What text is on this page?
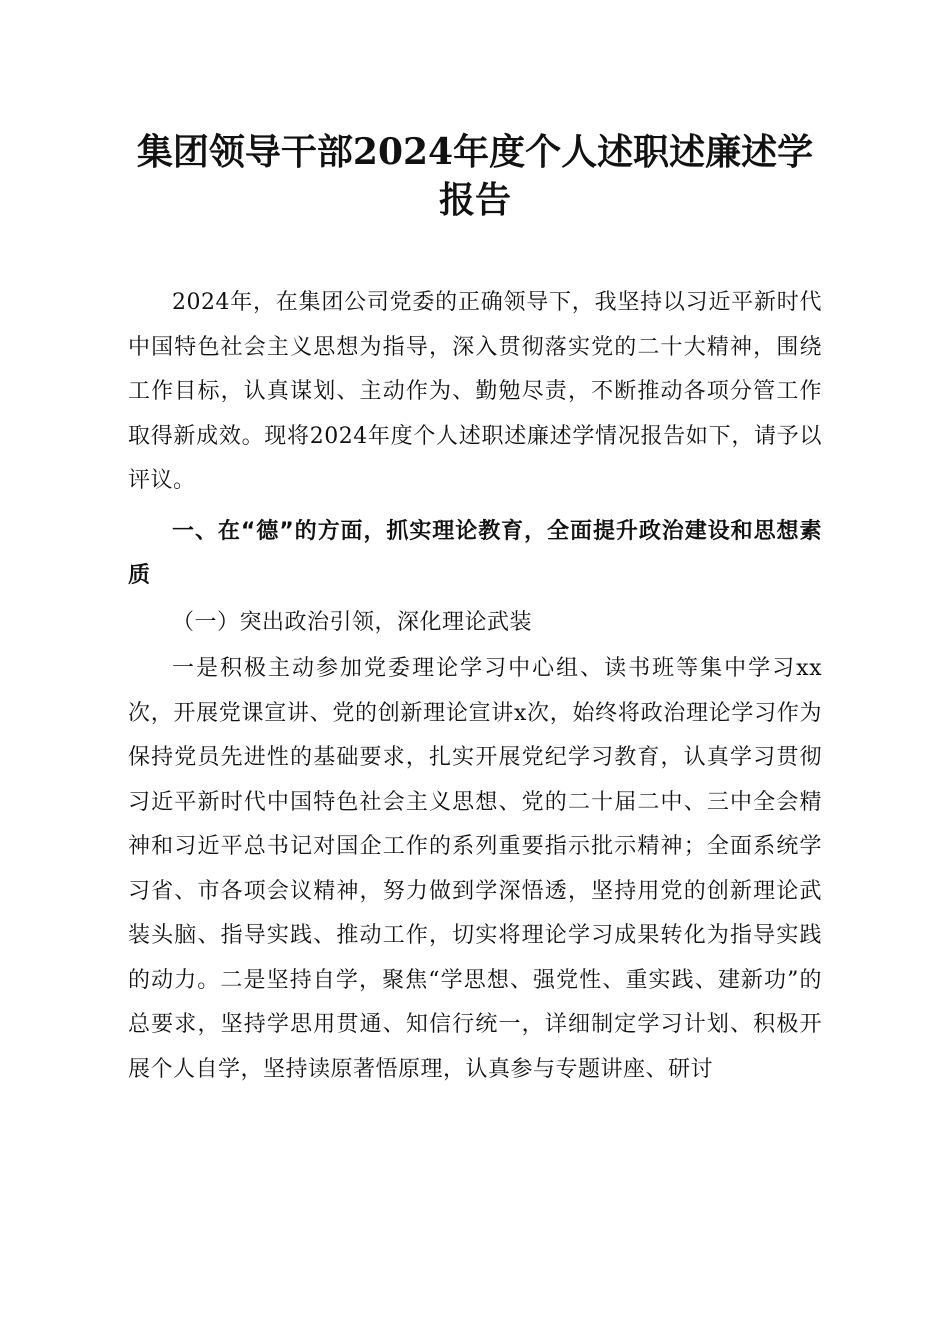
集团领导干部2024年度个人述职述廉述学报告

2024年，在集团公司党委的正确领导下，我坚持以习近平新时代中国特色社会主义思想为指导，深入贯彻落实党的二十大精神，围绕工作目标，认真谋划、主动作为、勤勉尽责，不断推动各项分管工作取得新成效。现将2024年度个人述职述廉述学情况报告如下，请予以评议。

一、在“德”的方面，抓实理论教育，全面提升政治建设和思想素质

（一）突出政治引领，深化理论武装

一是积极主动参加党委理论学习中心组、读书班等集中学习xx次，开展党课宣讲、党的创新理论宣讲x次，始终将政治理论学习作为保持党员先进性的基础要求，扎实开展党纪学习教育，认真学习贯彻习近平新时代中国特色社会主义思想、党的二十届二中、三中全会精神和习近平总书记对国企工作的系列重要指示批示精神；全面系统学习省、市各项会议精神，努力做到学深悟透，坚持用党的创新理论武装头脑、指导实践、推动工作，切实将理论学习成果转化为指导实践的动力。二是坚持自学，聚焦“学思想、强党性、重实践、建新功”的总要求，坚持学思用贯通、知信行统一，详细制定学习计划、积极开展个人自学，坚持读原著悟原理，认真参与专题讲座、研讨
